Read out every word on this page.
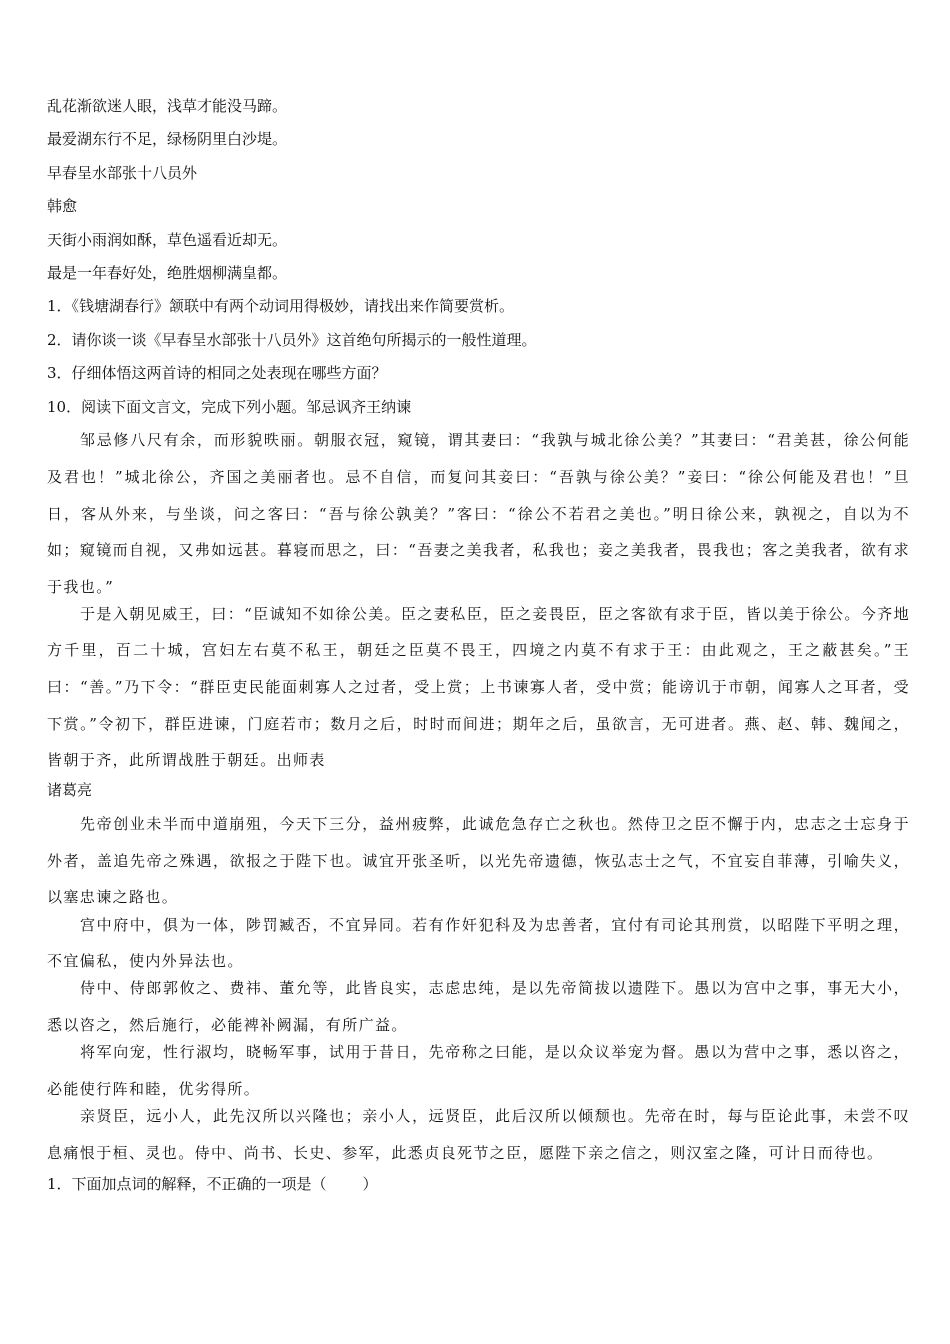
乱花渐欲迷人眼，浅草才能没马蹄。
最爱湖东行不足，绿杨阴里白沙堤。
早春呈水部张十八员外
韩愈
天街小雨润如酥，草色遥看近却无。
最是一年春好处，绝胜烟柳满皇都。
1．《钱塘湖春行》颔联中有两个动词用得极妙，请找出来作简要赏析。
2．请你谈一谈《早春呈水部张十八员外》这首绝句所揭示的一般性道理。
3．仔细体悟这两首诗的相同之处表现在哪些方面？
10．阅读下面文言文，完成下列小题。邹忌讽齐王纳谏
邹忌修八尺有余，而形貌昳丽。朝服衣冠，窥镜，谓其妻曰：“我孰与城北徐公美？”其妻曰：“君美甚，徐公何能及君也！”城北徐公，齐国之美丽者也。忌不自信，而复问其妾曰：“吾孰与徐公美？”妾曰：“徐公何能及君也！”旦日，客从外来，与坐谈，问之客曰：“吾与徐公孰美？”客曰：“徐公不若君之美也。”明日徐公来，孰视之，自以为不如；窥镜而自视，又弗如远甚。暮寝而思之，曰：“吾妻之美我者，私我也；妾之美我者，畏我也；客之美我者，欲有求于我也。”
于是入朝见威王，曰：“臣诚知不如徐公美。臣之妻私臣，臣之妾畏臣，臣之客欲有求于臣，皆以美于徐公。今齐地方千里，百二十城，宫妇左右莫不私王，朝廷之臣莫不畏王，四境之内莫不有求于王：由此观之，王之蔽甚矣。”王曰：“善。”乃下令：“群臣吏民能面刺寡人之过者，受上赏；上书谏寡人者，受中赏；能谤讥于市朝，闻寡人之耳者，受下赏。”令初下，群臣进谏，门庭若市；数月之后，时时而间进；期年之后，虽欲言，无可进者。燕、赵、韩、魏闻之，皆朝于齐，此所谓战胜于朝廷。出师表
诸葛亮
先帝创业未半而中道崩殂，今天下三分，益州疲弊，此诚危急存亡之秋也。然侍卫之臣不懈于内，忠志之士忘身于外者，盖追先帝之殊遇，欲报之于陛下也。诚宜开张圣听，以光先帝遗德，恢弘志士之气，不宜妄自菲薄，引喻失义，以塞忠谏之路也。
宫中府中，俱为一体，陟罚臧否，不宜异同。若有作奸犯科及为忠善者，宜付有司论其刑赏，以昭陛下平明之理，不宜偏私，使内外异法也。
侍中、侍郎郭攸之、费祎、董允等，此皆良实，志虑忠纯，是以先帝简拔以遗陛下。愚以为宫中之事，事无大小，悉以咨之，然后施行，必能裨补阙漏，有所广益。
将军向宠，性行淑均，晓畅军事，试用于昔日，先帝称之曰能，是以众议举宠为督。愚以为营中之事，悉以咨之，必能使行阵和睦，优劣得所。
亲贤臣，远小人，此先汉所以兴隆也；亲小人，远贤臣，此后汉所以倾颓也。先帝在时，每与臣论此事，未尝不叹息痛恨于桓、灵也。侍中、尚书、长史、参军，此悉贞良死节之臣，愿陛下亲之信之，则汉室之隆，可计日而待也。
1．下面加点词的解释，不正确的一项是（ ）
